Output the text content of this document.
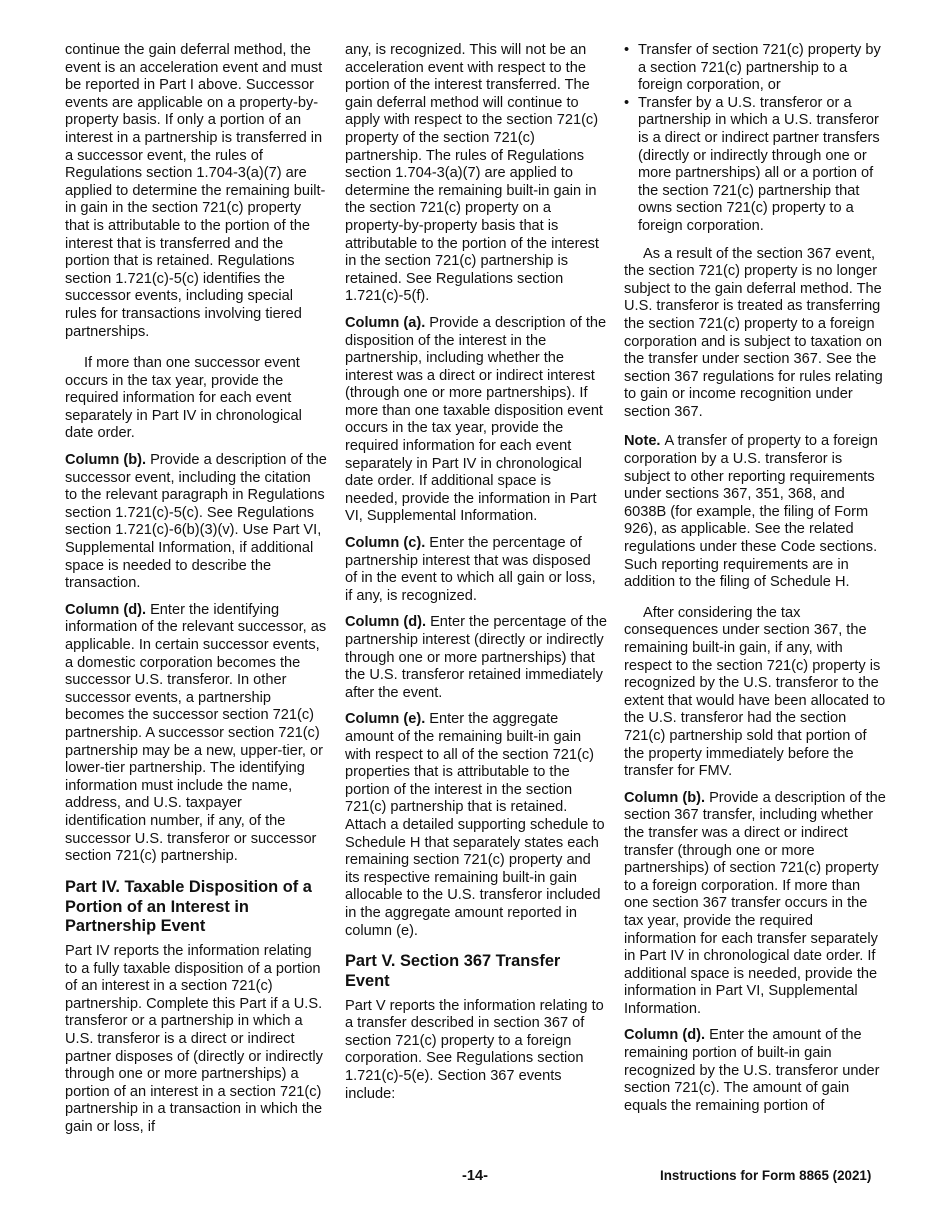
continue the gain deferral method, the event is an acceleration event and must be reported in Part I above. Successor events are applicable on a property-by-property basis. If only a portion of an interest in a partnership is transferred in a successor event, the rules of Regulations section 1.704-3(a)(7) are applied to determine the remaining built-in gain in the section 721(c) property that is attributable to the portion of the interest that is transferred and the portion that is retained. Regulations section 1.721(c)-5(c) identifies the successor events, including special rules for transactions involving tiered partnerships.

If more than one successor event occurs in the tax year, provide the required information for each event separately in Part IV in chronological date order.

Column (b). Provide a description of the successor event, including the citation to the relevant paragraph in Regulations section 1.721(c)-5(c). See Regulations section 1.721(c)-6(b)(3)(v). Use Part VI, Supplemental Information, if additional space is needed to describe the transaction.

Column (d). Enter the identifying information of the relevant successor, as applicable. In certain successor events, a domestic corporation becomes the successor U.S. transferor. In other successor events, a partnership becomes the successor section 721(c) partnership. A successor section 721(c) partnership may be a new, upper-tier, or lower-tier partnership. The identifying information must include the name, address, and U.S. taxpayer identification number, if any, of the successor U.S. transferor or successor section 721(c) partnership.

Part IV. Taxable Disposition of a Portion of an Interest in Partnership Event

Part IV reports the information relating to a fully taxable disposition of a portion of an interest in a section 721(c) partnership. Complete this Part if a U.S. transferor or a partnership in which a U.S. transferor is a direct or indirect partner disposes of (directly or indirectly through one or more partnerships) a portion of an interest in a section 721(c) partnership in a transaction in which the gain or loss, if

any, is recognized. This will not be an acceleration event with respect to the portion of the interest transferred. The gain deferral method will continue to apply with respect to the section 721(c) property of the section 721(c) partnership. The rules of Regulations section 1.704-3(a)(7) are applied to determine the remaining built-in gain in the section 721(c) property on a property-by-property basis that is attributable to the portion of the interest in the section 721(c) partnership is retained. See Regulations section 1.721(c)-5(f).

Column (a). Provide a description of the disposition of the interest in the partnership, including whether the interest was a direct or indirect interest (through one or more partnerships). If more than one taxable disposition event occurs in the tax year, provide the required information for each event separately in Part IV in chronological date order. If additional space is needed, provide the information in Part VI, Supplemental Information.

Column (c). Enter the percentage of partnership interest that was disposed of in the event to which all gain or loss, if any, is recognized.

Column (d). Enter the percentage of the partnership interest (directly or indirectly through one or more partnerships) that the U.S. transferor retained immediately after the event.

Column (e). Enter the aggregate amount of the remaining built-in gain with respect to all of the section 721(c) properties that is attributable to the portion of the interest in the section 721(c) partnership that is retained. Attach a detailed supporting schedule to Schedule H that separately states each remaining section 721(c) property and its respective remaining built-in gain allocable to the U.S. transferor included in the aggregate amount reported in column (e).

Part V. Section 367 Transfer Event

Part V reports the information relating to a transfer described in section 367 of section 721(c) property to a foreign corporation. See Regulations section 1.721(c)-5(e). Section 367 events include:

• Transfer of section 721(c) property by a section 721(c) partnership to a foreign corporation, or
• Transfer by a U.S. transferor or a partnership in which a U.S. transferor is a direct or indirect partner transfers (directly or indirectly through one or more partnerships) all or a portion of the section 721(c) partnership that owns section 721(c) property to a foreign corporation.

As a result of the section 367 event, the section 721(c) property is no longer subject to the gain deferral method. The U.S. transferor is treated as transferring the section 721(c) property to a foreign corporation and is subject to taxation on the transfer under section 367. See the section 367 regulations for rules relating to gain or income recognition under section 367.

Note. A transfer of property to a foreign corporation by a U.S. transferor is subject to other reporting requirements under sections 367, 351, 368, and 6038B (for example, the filing of Form 926), as applicable. See the related regulations under these Code sections. Such reporting requirements are in addition to the filing of Schedule H.

After considering the tax consequences under section 367, the remaining built-in gain, if any, with respect to the section 721(c) property is recognized by the U.S. transferor to the extent that would have been allocated to the U.S. transferor had the section 721(c) partnership sold that portion of the property immediately before the transfer for FMV.

Column (b). Provide a description of the section 367 transfer, including whether the transfer was a direct or indirect transfer (through one or more partnerships) of section 721(c) property to a foreign corporation. If more than one section 367 transfer occurs in the tax year, provide the required information for each transfer separately in Part IV in chronological date order. If additional space is needed, provide the information in Part VI, Supplemental Information.

Column (d). Enter the amount of the remaining portion of built-in gain recognized by the U.S. transferor under section 721(c). The amount of gain equals the remaining portion of

-14-	Instructions for Form 8865 (2021)
